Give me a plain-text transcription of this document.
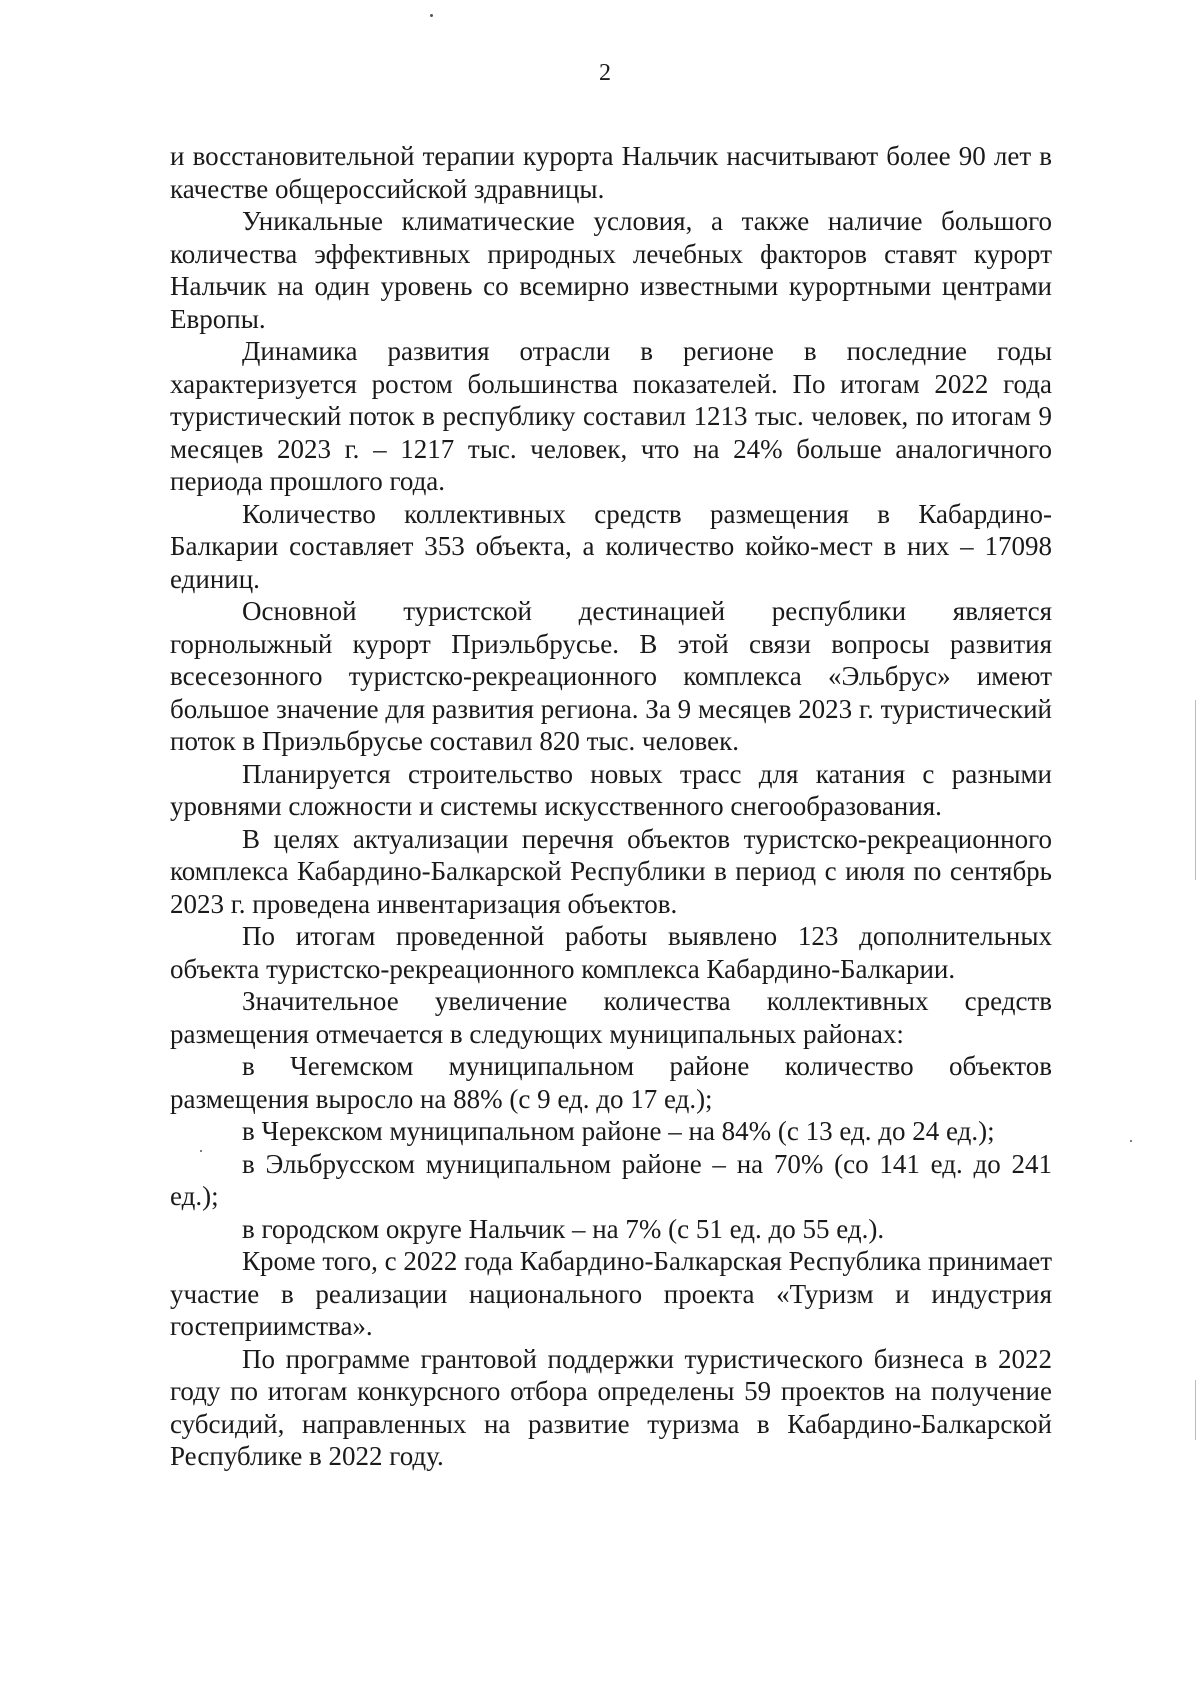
2

и восстановительной терапии курорта Нальчик насчитывают более 90 лет в качестве общероссийской здравницы.

Уникальные климатические условия, а также наличие большого количества эффективных природных лечебных факторов ставят курорт Нальчик на один уровень со всемирно известными курортными центрами Европы.

Динамика развития отрасли в регионе в последние годы характеризуется ростом большинства показателей. По итогам 2022 года туристический поток в республику составил 1213 тыс. человек, по итогам 9 месяцев 2023 г. – 1217 тыс. человек, что на 24% больше аналогичного периода прошлого года.

Количество коллективных средств размещения в Кабардино-Балкарии составляет 353 объекта, а количество койко-мест в них – 17098 единиц.

Основной туристской дестинацией республики является горнолыжный курорт Приэльбрусье. В этой связи вопросы развития всесезонного туристско-рекреационного комплекса «Эльбрус» имеют большое значение для развития региона. За 9 месяцев 2023 г. туристический поток в Приэльбрусье составил 820 тыс. человек.

Планируется строительство новых трасс для катания с разными уровнями сложности и системы искусственного снегообразования.

В целях актуализации перечня объектов туристско-рекреационного комплекса Кабардино-Балкарской Республики в период с июля по сентябрь 2023 г. проведена инвентаризация объектов.

По итогам проведенной работы выявлено 123 дополнительных объекта туристско-рекреационного комплекса Кабардино-Балкарии.

Значительное увеличение количества коллективных средств размещения отмечается в следующих муниципальных районах:

в Чегемском муниципальном районе количество объектов размещения выросло на 88% (с 9 ед. до 17 ед.);

в Черекском муниципальном районе – на 84% (с 13 ед. до 24 ед.);

в Эльбрусском муниципальном районе – на 70% (со 141 ед. до 241 ед.);

в городском округе Нальчик – на 7% (с 51 ед. до 55 ед.).

Кроме того, с 2022 года Кабардино-Балкарская Республика принимает участие в реализации национального проекта «Туризм и индустрия гостеприимства».

По программе грантовой поддержки туристического бизнеса в 2022 году по итогам конкурсного отбора определены 59 проектов на получение субсидий, направленных на развитие туризма в Кабардино-Балкарской Республике в 2022 году.
